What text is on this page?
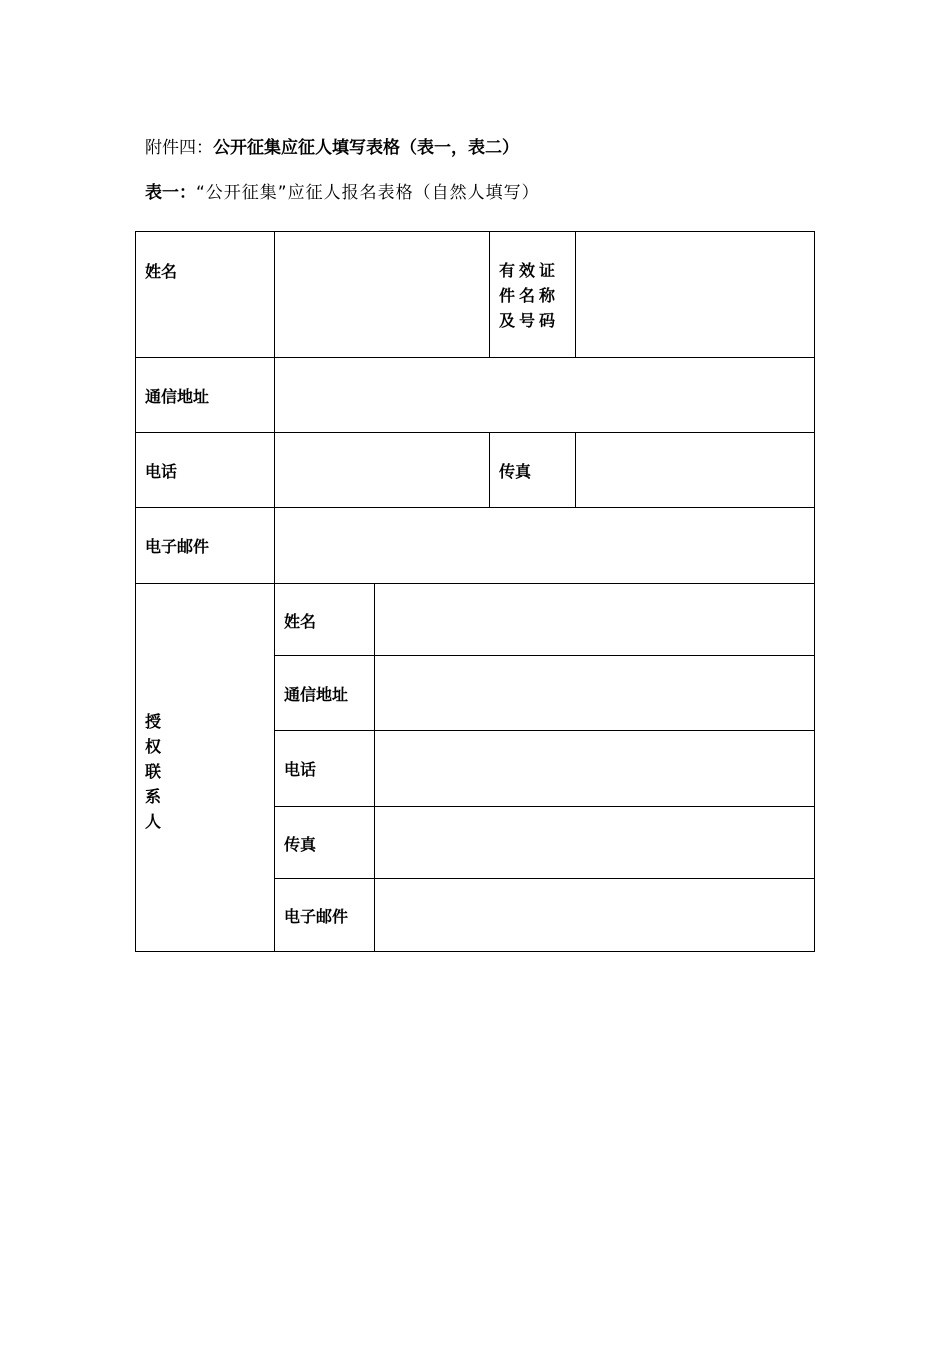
附件四：公开征集应征人填写表格（表一，表二）
表一：“公开征集”应征人报名表格（自然人填写）
姓名	有效证件名称及号码
通信地址
电话	传真
电子邮件
授
权
联
系
人
姓名
通信地址
电话
传真
电子邮件
